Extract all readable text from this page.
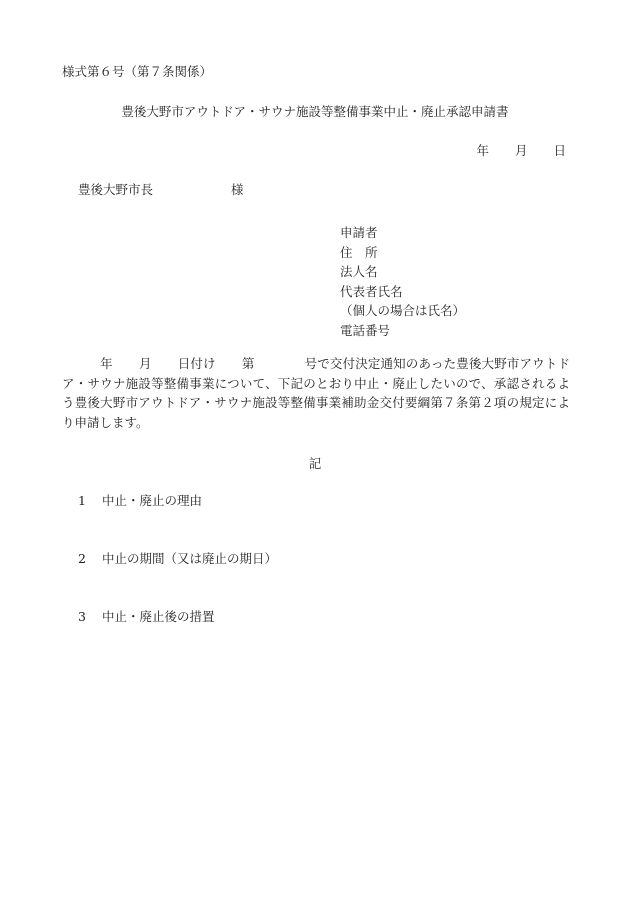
様式第６号（第７条関係）
豊後大野市アウトドア・サウナ施設等整備事業中止・廃止承認申請書
年 月 日
豊後大野市長	様
申請者
住　所
法人名
代表者氏名
（個人の場合は氏名）
電話番号
年 月 日付け 第	号で交付決定通知のあった豊後大野市アウトドア・サウナ施設等整備事業について、下記のとおり中止・廃止したいので、承認されるよう豊後大野市アウトドア・サウナ施設等整備事業補助金交付要綱第７条第２項の規定により申請します。
記
1 中止・廃止の理由
2 中止の期間（又は廃止の期日）
3 中止・廃止後の措置
